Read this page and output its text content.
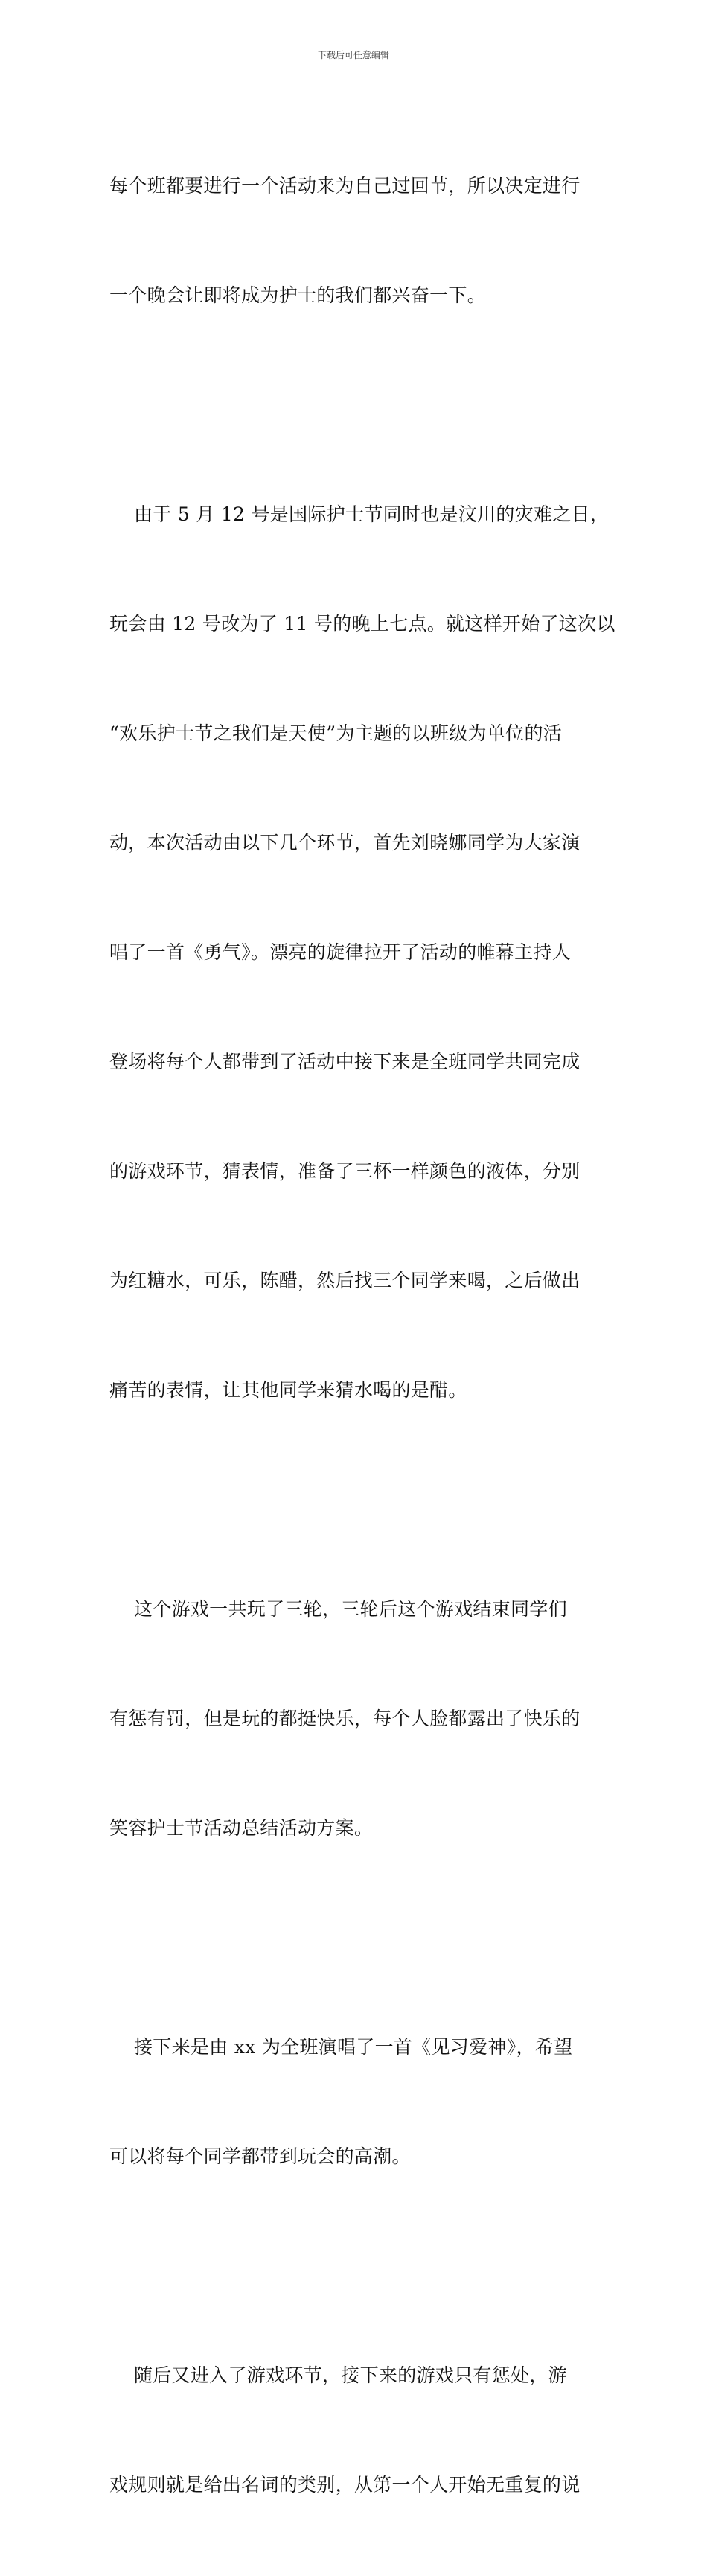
下载后可任意编辑

每个班都要进行一个活动来为自己过回节，所以决定进行

一个晚会让即将成为护士的我们都兴奋一下。

由于 5 月 12 号是国际护士节同时也是汶川的灾难之日，

玩会由 12 号改为了 11 号的晚上七点。就这样开始了这次以

“欢乐护士节之我们是天使”为主题的以班级为单位的活

动，本次活动由以下几个环节，首先刘晓娜同学为大家演

唱了一首《勇气》。漂亮的旋律拉开了活动的帷幕主持人

登场将每个人都带到了活动中接下来是全班同学共同完成

的游戏环节，猜表情，准备了三杯一样颜色的液体，分别

为红糖水，可乐，陈醋，然后找三个同学来喝，之后做出

痛苦的表情，让其他同学来猜水喝的是醋。

这个游戏一共玩了三轮，三轮后这个游戏结束同学们

有惩有罚，但是玩的都挺快乐，每个人脸都露出了快乐的

笑容护士节活动总结活动方案。

接下来是由 xx 为全班演唱了一首《见习爱神》，希望

可以将每个同学都带到玩会的高潮。

随后又进入了游戏环节，接下来的游戏只有惩处，游

戏规则就是给出名词的类别，从第一个人开始无重复的说
